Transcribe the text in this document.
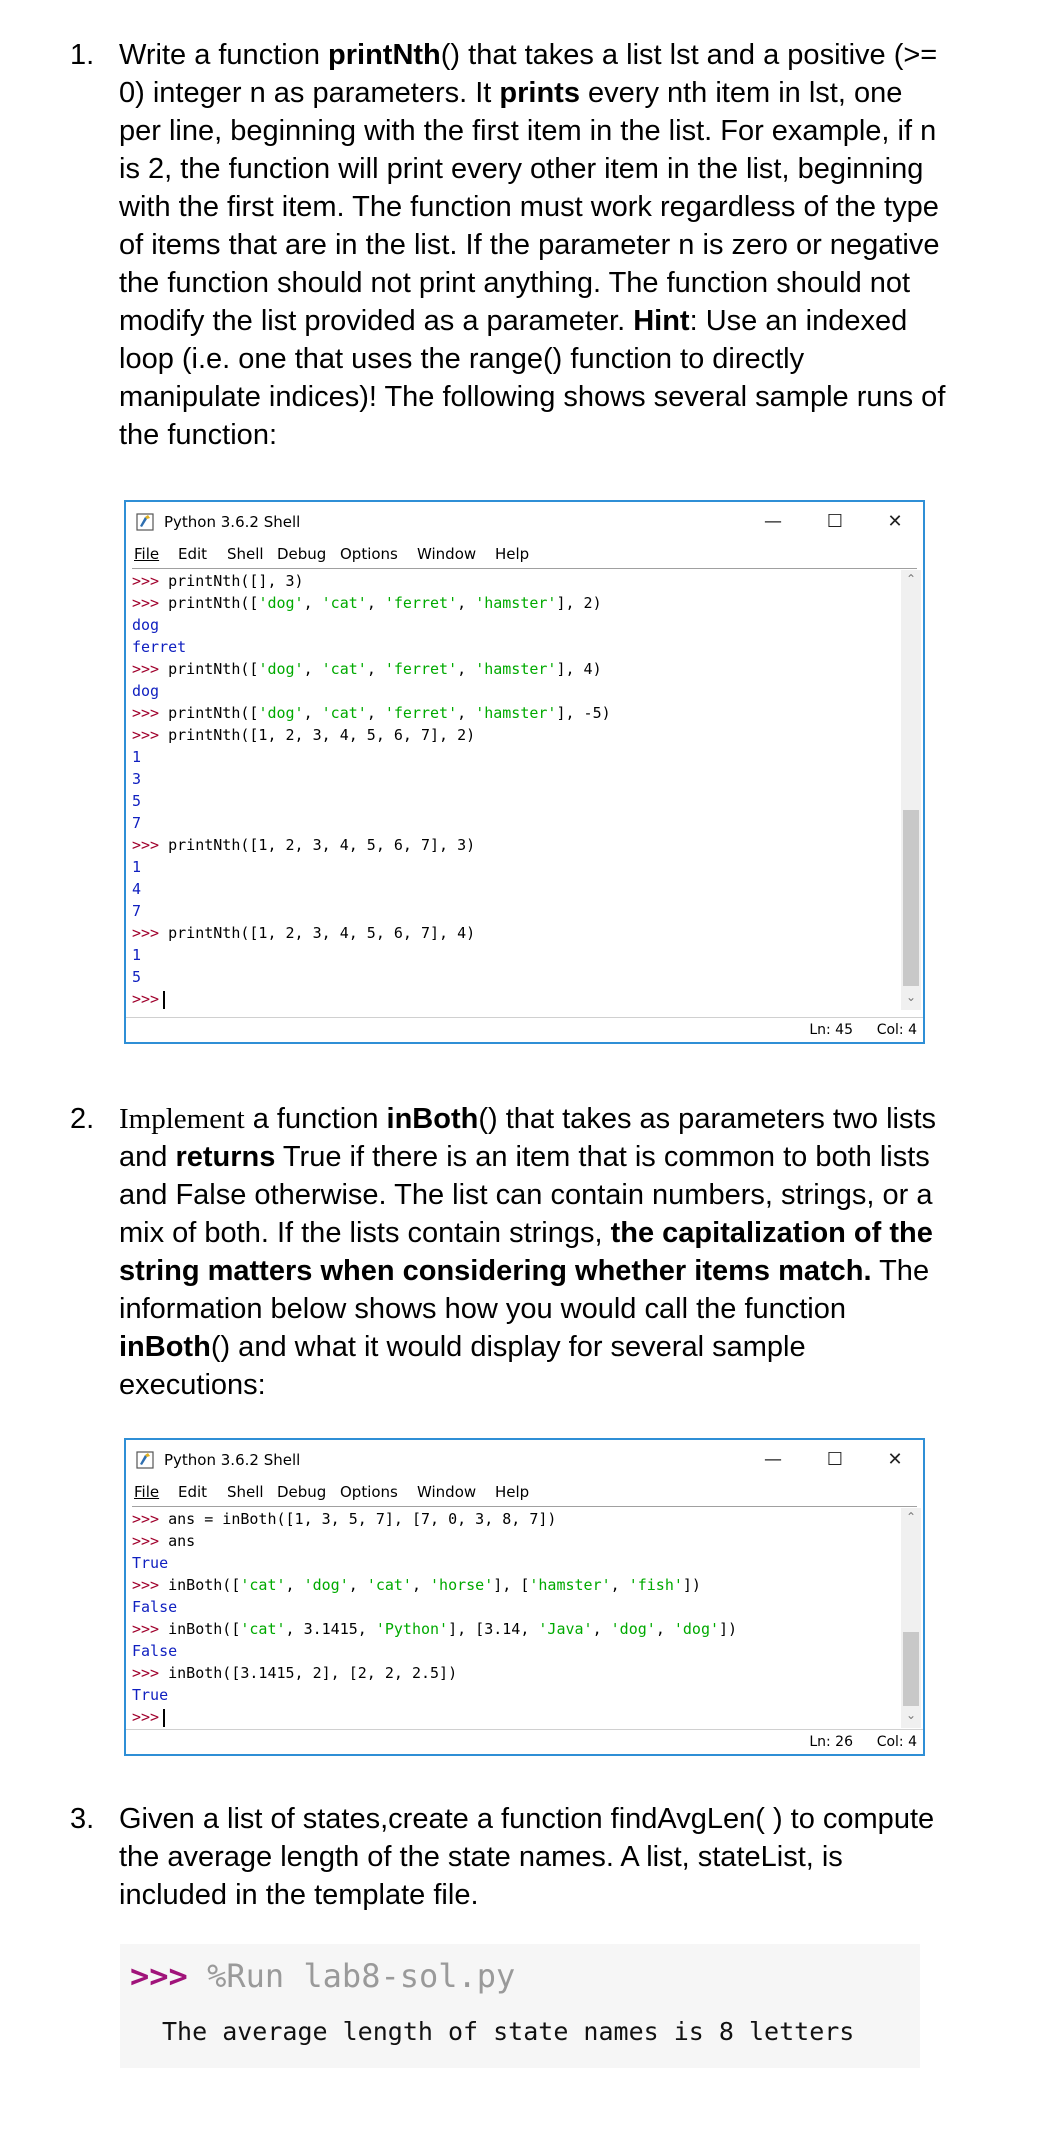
1. Write a function printNth() that takes a list lst and a positive (>= 0) integer n as parameters. It prints every nth item in lst, one per line, beginning with the first item in the list. For example, if n is 2, the function will print every other item in the list, beginning with the first item. The function must work regardless of the type of items that are in the list. If the parameter n is zero or negative the function should not print anything. The function should not modify the list provided as a parameter. Hint: Use an indexed loop (i.e. one that uses the range() function to directly manipulate indices)! The following shows several sample runs of the function:
Python 3.6.2 Shell	—	☐	✕
File Edit Shell Debug Options Window Help
>>> printNth([], 3)
>>> printNth(['dog', 'cat', 'ferret', 'hamster'], 2)
dog
ferret
>>> printNth(['dog', 'cat', 'ferret', 'hamster'], 4)
dog
>>> printNth(['dog', 'cat', 'ferret', 'hamster'], -5)
>>> printNth([1, 2, 3, 4, 5, 6, 7], 2)
1
3
5
7
>>> printNth([1, 2, 3, 4, 5, 6, 7], 3)
1
4
7
>>> printNth([1, 2, 3, 4, 5, 6, 7], 4)
1
5
>>>
⌃
⌄
Ln: 45 Col: 4
2. Implement a function inBoth() that takes as parameters two lists and returns True if there is an item that is common to both lists and False otherwise. The list can contain numbers, strings, or a mix of both. If the lists contain strings, the capitalization of the string matters when considering whether items match. The information below shows how you would call the function inBoth() and what it would display for several sample executions:
Python 3.6.2 Shell	—	☐	✕
File Edit Shell Debug Options Window Help
>>> ans = inBoth([1, 3, 5, 7], [7, 0, 3, 8, 7])
>>> ans
True
>>> inBoth(['cat', 'dog', 'cat', 'horse'], ['hamster', 'fish'])
False
>>> inBoth(['cat', 3.1415, 'Python'], [3.14, 'Java', 'dog', 'dog'])
False
>>> inBoth([3.1415, 2], [2, 2, 2.5])
True
>>>
⌃
⌄
Ln: 26 Col: 4
3. Given a list of states,create a function findAvgLen( ) to compute the average length of the state names. A list, stateList, is included in the template file.
>>> %Run lab8-sol.py
The average length of state names is 8 letters
